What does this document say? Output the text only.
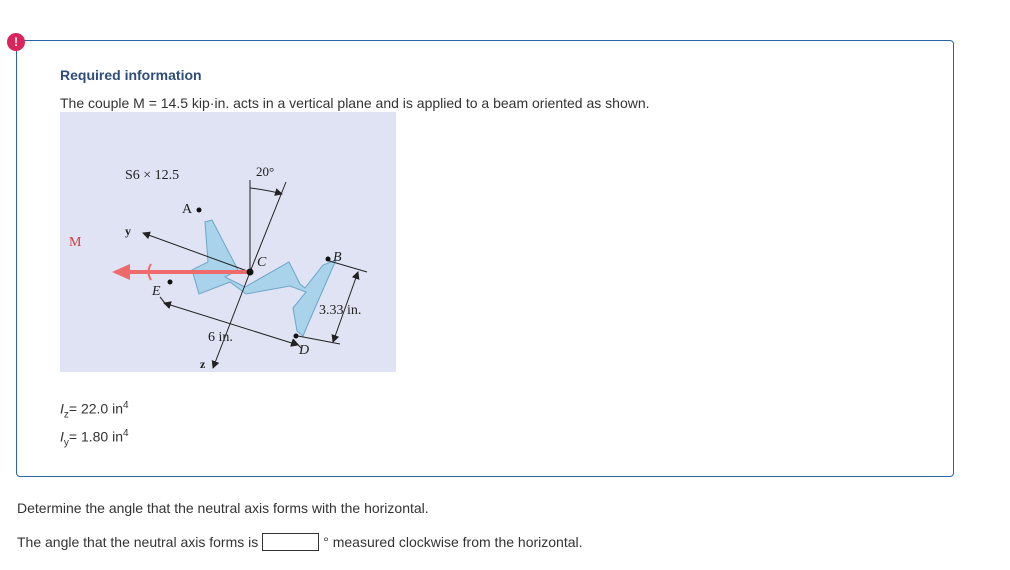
!
Required information
The couple M = 14.5 kip·in. acts in a vertical plane and is applied to a beam oriented as shown.
S6 × 12.5	20°
M
y
z
A
B
C
D
E
3.33 in.
6 in.
$I_z= 22.0$ $in^4$
$I_y= 1.80$ $in^4$
Determine the angle that the neutral axis forms with the horizontal.
The angle that the neutral axis forms is	° measured clockwise from the horizontal.
